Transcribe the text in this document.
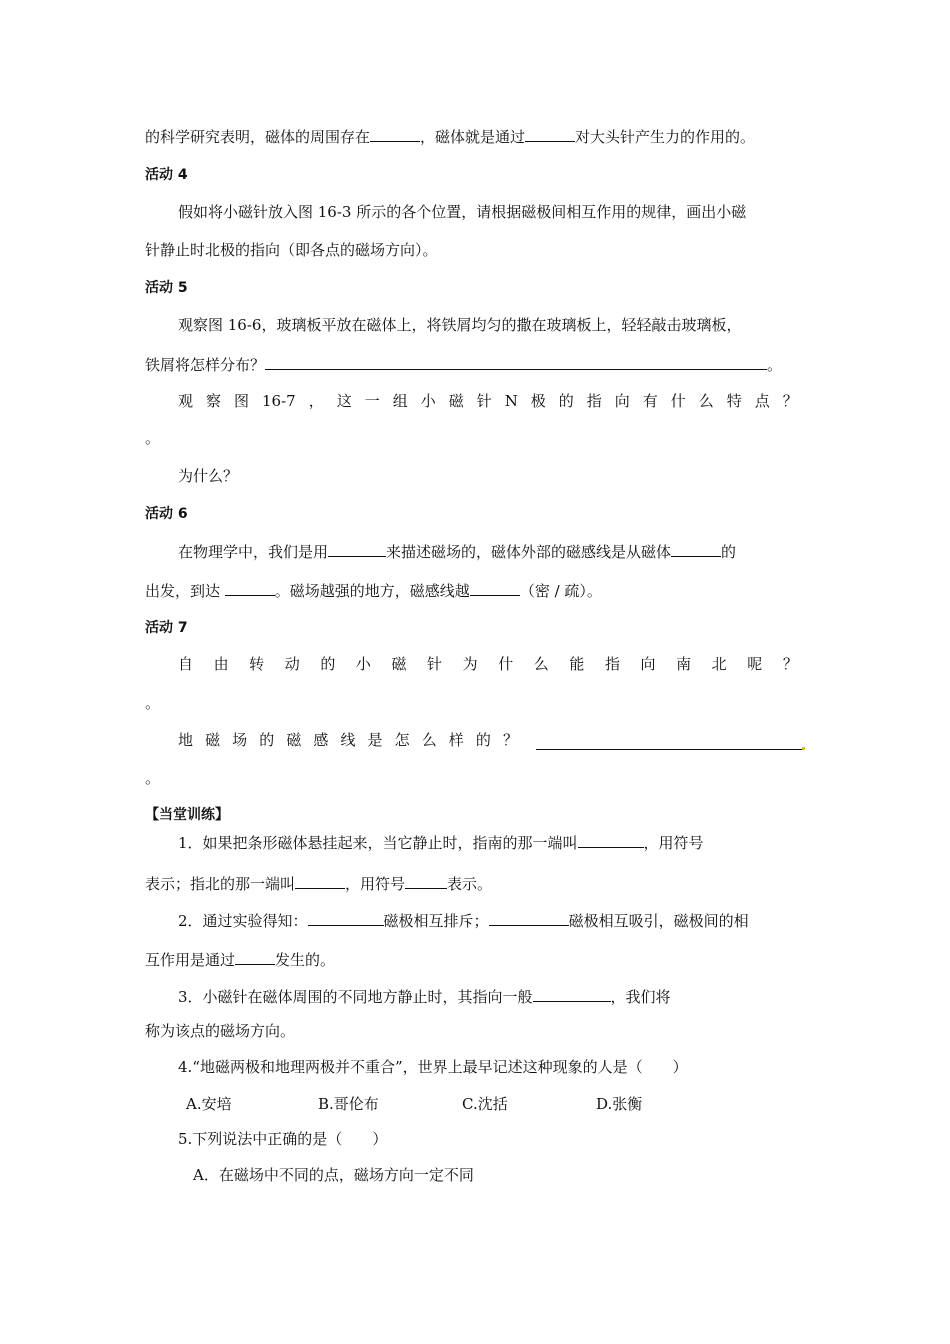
的科学研究表明，磁体的周围存在	，磁体就是通过	对大头针产生力的作用的。
活动 4
假如将小磁针放入图 16-3 所示的各个位置，请根据磁极间相互作用的规律，画出小磁
针静止时北极的指向（即各点的磁场方向）。
活动 5
观察图 16-6，玻璃板平放在磁体上，将铁屑均匀的撒在玻璃板上，轻轻敲击玻璃板，
铁屑将怎样分布？	。
观 察 图 16-7 ， 这 一 组 小 磁 针 N 极 的 指 向 有 什 么 特 点 ？
。
为什么？
活动 6
在物理学中，我们是用	来描述磁场的，磁体外部的磁感线是从磁体	的
出发，到达	。磁场越强的地方，磁感线越	（密 / 疏）。
活动 7
自 由 转 动 的 小 磁 针 为 什 么 能 指 向 南 北 呢 ？
。
地 磁 场 的 磁 感 线 是 怎 么 样 的 ？
。
【当堂训练】
1．如果把条形磁体悬挂起来，当它静止时，指南的那一端叫	，用符号
表示；指北的那一端叫	，用符号	表示。
2．通过实验得知：	磁极相互排斥；	磁极相互吸引，磁极间的相
互作用是通过	发生的。
3．小磁针在磁体周围的不同地方静止时，其指向一般	，我们将
称为该点的磁场方向。
4.“地磁两极和地理两极并不重合”，世界上最早记述这种现象的人是（　　）
A.安培	B.哥伦布	C.沈括	D.张衡
5.下列说法中正确的是（　　）
A．在磁场中不同的点，磁场方向一定不同
